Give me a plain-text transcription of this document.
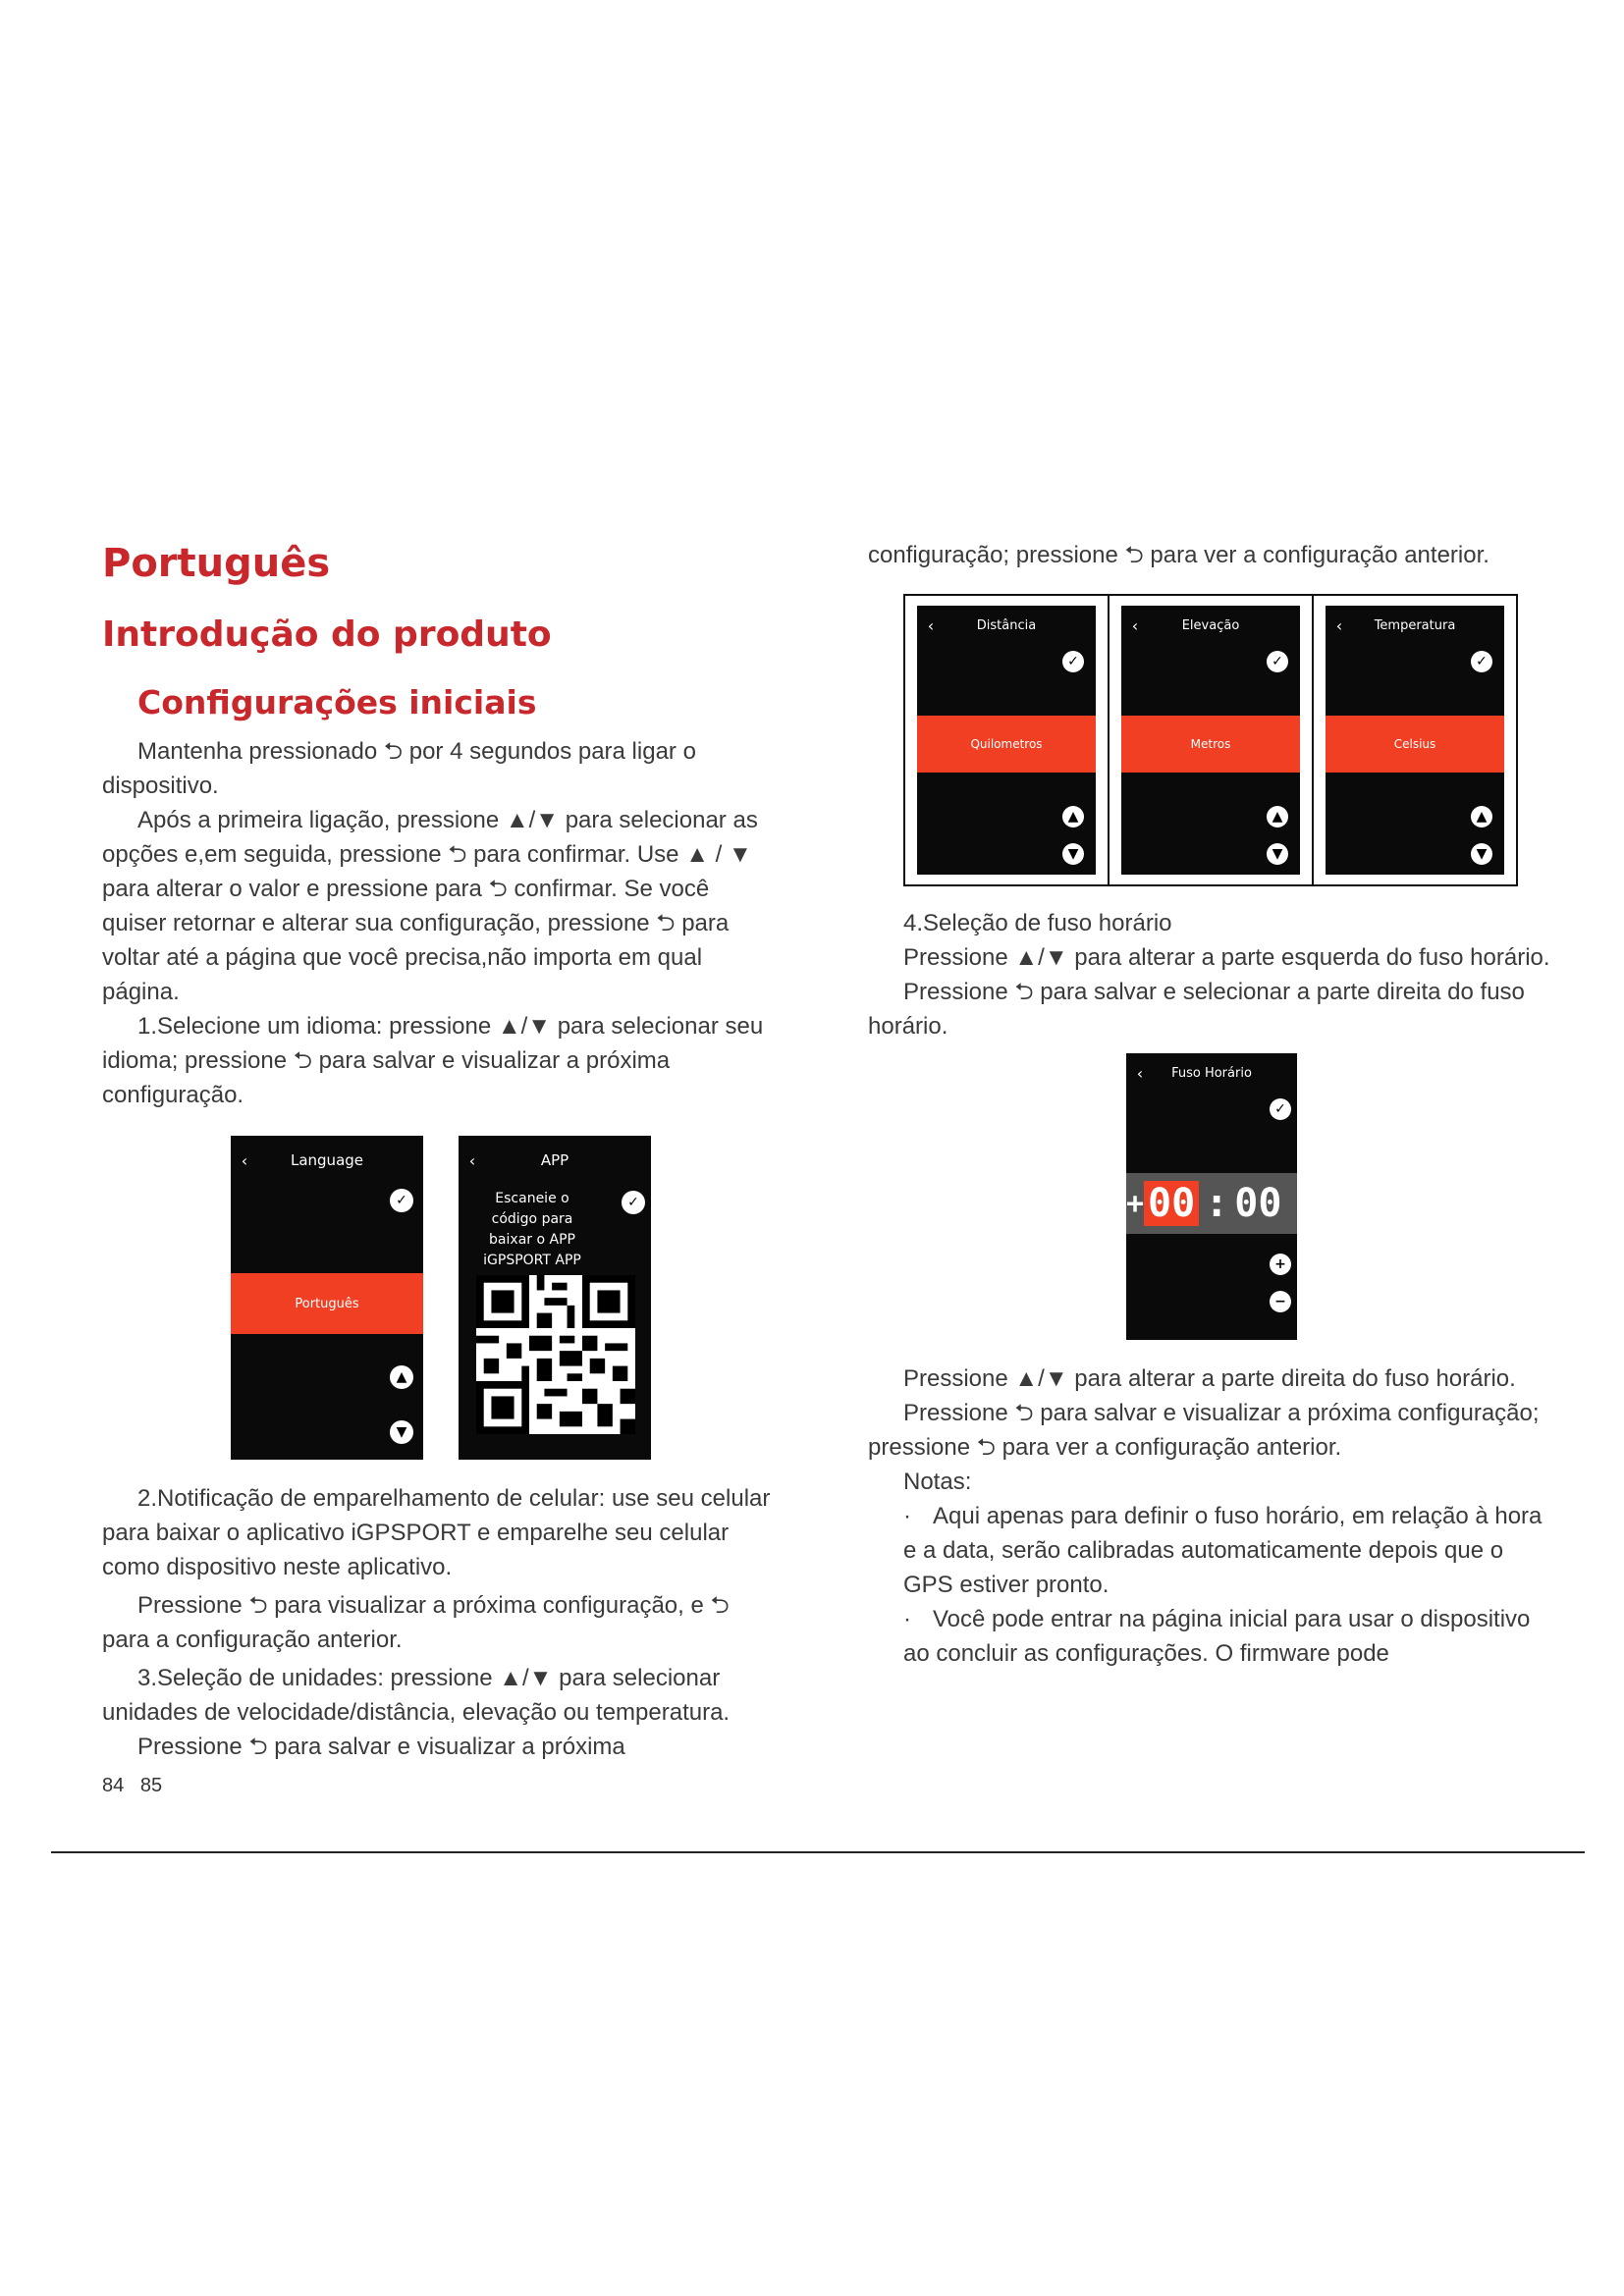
Português
Introdução do produto
Configurações iniciais

Mantenha pressionado ⮌ por 4 segundos para ligar o dispositivo.

Após a primeira ligação, pressione ▲/▼ para selecionar as opções e,em seguida, pressione ⮌ para confirmar. Use ▲ / ▼ para alterar o valor e pressione para ⮌ confirmar. Se você quiser retornar e alterar sua configuração, pressione ⮌ para voltar até a página que você precisa,não importa em qual página.

1.Selecione um idioma: pressione ▲/▼ para selecionar seu idioma; pressione ⮌ para salvar e visualizar a próxima configuração.

‹	Language
✓
Português
▲
▼
‹	APP
Escaneie o código para baixar o APP iGPSPORT APP
✓

2.Notificação de emparelhamento de celular: use seu celular para baixar o aplicativo iGPSPORT e emparelhe seu celular como dispositivo neste aplicativo.

Pressione ⮌ para visualizar a próxima configuração, e ⮌ para a configuração anterior.

3.Seleção de unidades: pressione ▲/▼ para selecionar unidades de velocidade/distância, elevação ou temperatura.

Pressione ⮌ para salvar e visualizar a próxima

configuração; pressione ⮌ para ver a configuração anterior.

‹	Distância
✓
Quilometros
▲
▼
‹	Elevação
✓
Metros
▲
▼
‹	Temperatura
✓
Celsius
▲
▼

4.Seleção de fuso horário

Pressione ▲/▼ para alterar a parte esquerda do fuso horário.

Pressione ⮌ para salvar e selecionar a parte direita do fuso horário.

‹	Fuso Horário
✓
+ 00 : 00
+
−

Pressione ▲/▼ para alterar a parte direita do fuso horário.

Pressione ⮌ para salvar e visualizar a próxima configuração; pressione ⮌ para ver a configuração anterior.

Notas:

· Aqui apenas para definir o fuso horário, em relação à hora e a data, serão calibradas automaticamente depois que o GPS estiver pronto.

· Você pode entrar na página inicial para usar o dispositivo ao concluir as configurações. O firmware pode

84   85
